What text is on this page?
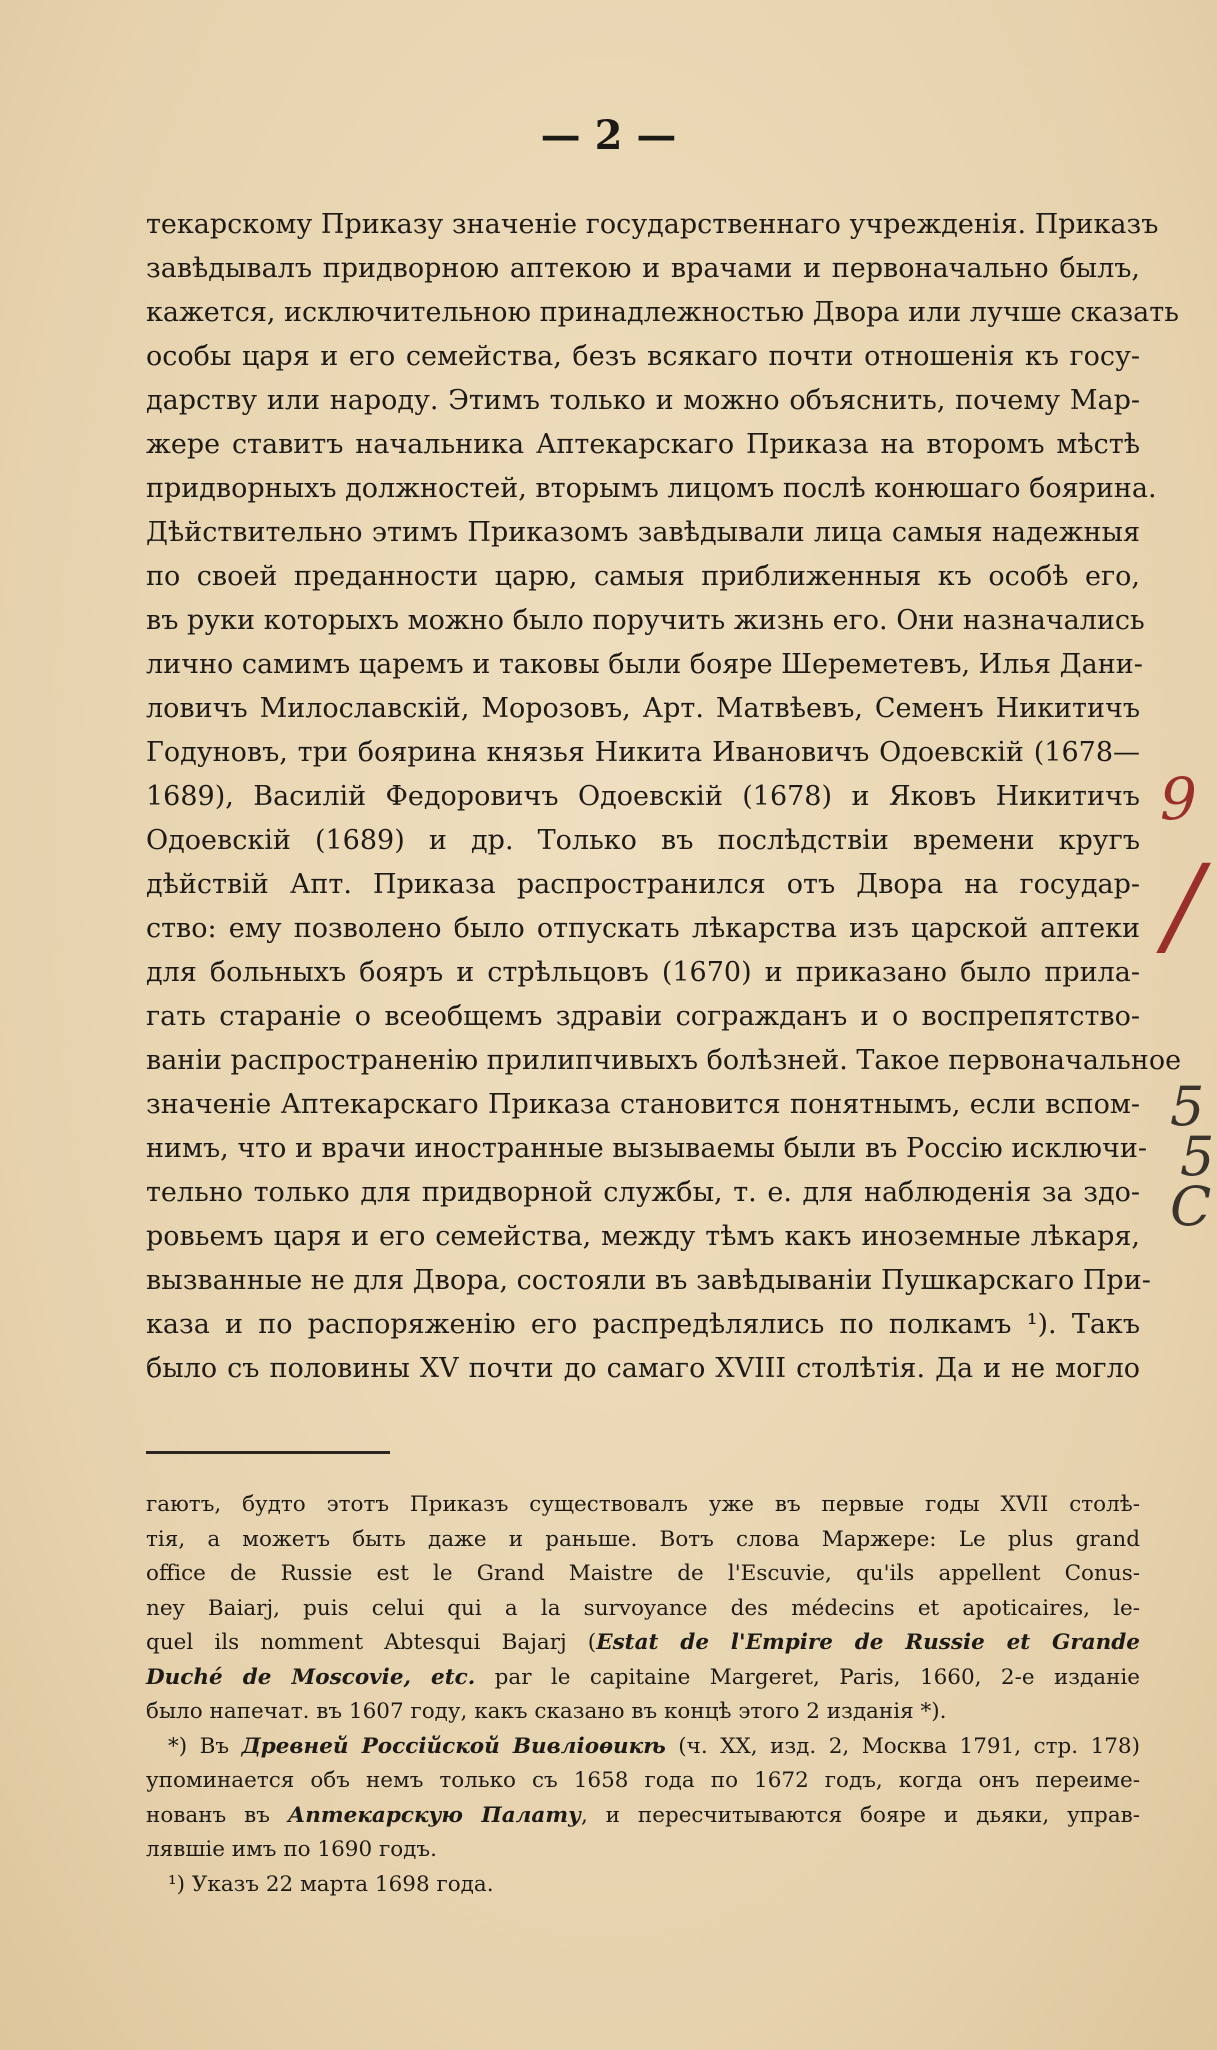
— 2 —
текарскому Приказу значеніе государственнаго учрежденія. Приказъ
завѣдывалъ придворною аптекою и врачами и первоначально былъ,
кажется, исключительною принадлежностью Двора или лучше сказать
особы царя и его семейства, безъ всякаго почти отношенія къ госу-
дарству или народу. Этимъ только и можно объяснить, почему Мар-
жере ставитъ начальника Аптекарскаго Приказа на второмъ мѣстѣ
придворныхъ должностей, вторымъ лицомъ послѣ конюшаго боярина.
Дѣйствительно этимъ Приказомъ завѣдывали лица самыя надежныя
по своей преданности царю, самыя приближенныя къ особѣ его,
въ руки которыхъ можно было поручить жизнь его. Они назначались
лично самимъ царемъ и таковы были бояре Шереметевъ, Илья Дани-
ловичъ Милославскій, Морозовъ, Арт. Матвѣевъ, Семенъ Никитичъ
Годуновъ, три боярина князья Никита Ивановичъ Одоевскій (1678—
1689), Василій Федоровичъ Одоевскій (1678) и Яковъ Никитичъ
Одоевскій (1689) и др. Только въ послѣдствіи времени кругъ
дѣйствій Апт. Приказа распространился отъ Двора на государ-
ство: ему позволено было отпускать лѣкарства изъ царской аптеки
для больныхъ бояръ и стрѣльцовъ (1670) и приказано было прила-
гать стараніе о всеобщемъ здравіи согражданъ и о воспрепятство-
ваніи распространенію прилипчивыхъ болѣзней. Такое первоначальное
значеніе Аптекарскаго Приказа становится понятнымъ, если вспом-
нимъ, что и врачи иностранные вызываемы были въ Россію исключи-
тельно только для придворной службы, т. е. для наблюденія за здо-
ровьемъ царя и его семейства, между тѣмъ какъ иноземные лѣкаря,
вызванные не для Двора, состояли въ завѣдываніи Пушкарскаго При-
каза и по распоряженію его распредѣлялись по полкамъ ¹). Такъ
было съ половины XV почти до самаго XVIII столѣтія. Да и не могло
гаютъ, будто этотъ Приказъ существовалъ уже въ первые годы XVII столѣ-
тія, а можетъ быть даже и раньше. Вотъ слова Маржере: Le plus grand
office de Russie est le Grand Maistre de l'Escuvie, qu'ils appellent Conus-
ney Baiarj, puis celui qui a la survoyance des médecins et apoticaires, le-
quel ils nomment Abtesqui Bajarj (Estat de l'Empire de Russie et Grande
Duché de Moscovie, etc. par le capitaine Margeret, Paris, 1660, 2-е изданіе
было напечат. въ 1607 году, какъ сказано въ концѣ этого 2 изданія *).
*) Въ Древней Россійской Вивліоѳикѣ (ч. XX, изд. 2, Москва 1791, стр. 178)
упоминается объ немъ только съ 1658 года по 1672 годъ, когда онъ переиме-
нованъ въ Аптекарскую Палату, и пересчитываются бояре и дьяки, управ-
лявшіе имъ по 1690 годъ.
¹) Указъ 22 марта 1698 года.
9
/
5
5
C
